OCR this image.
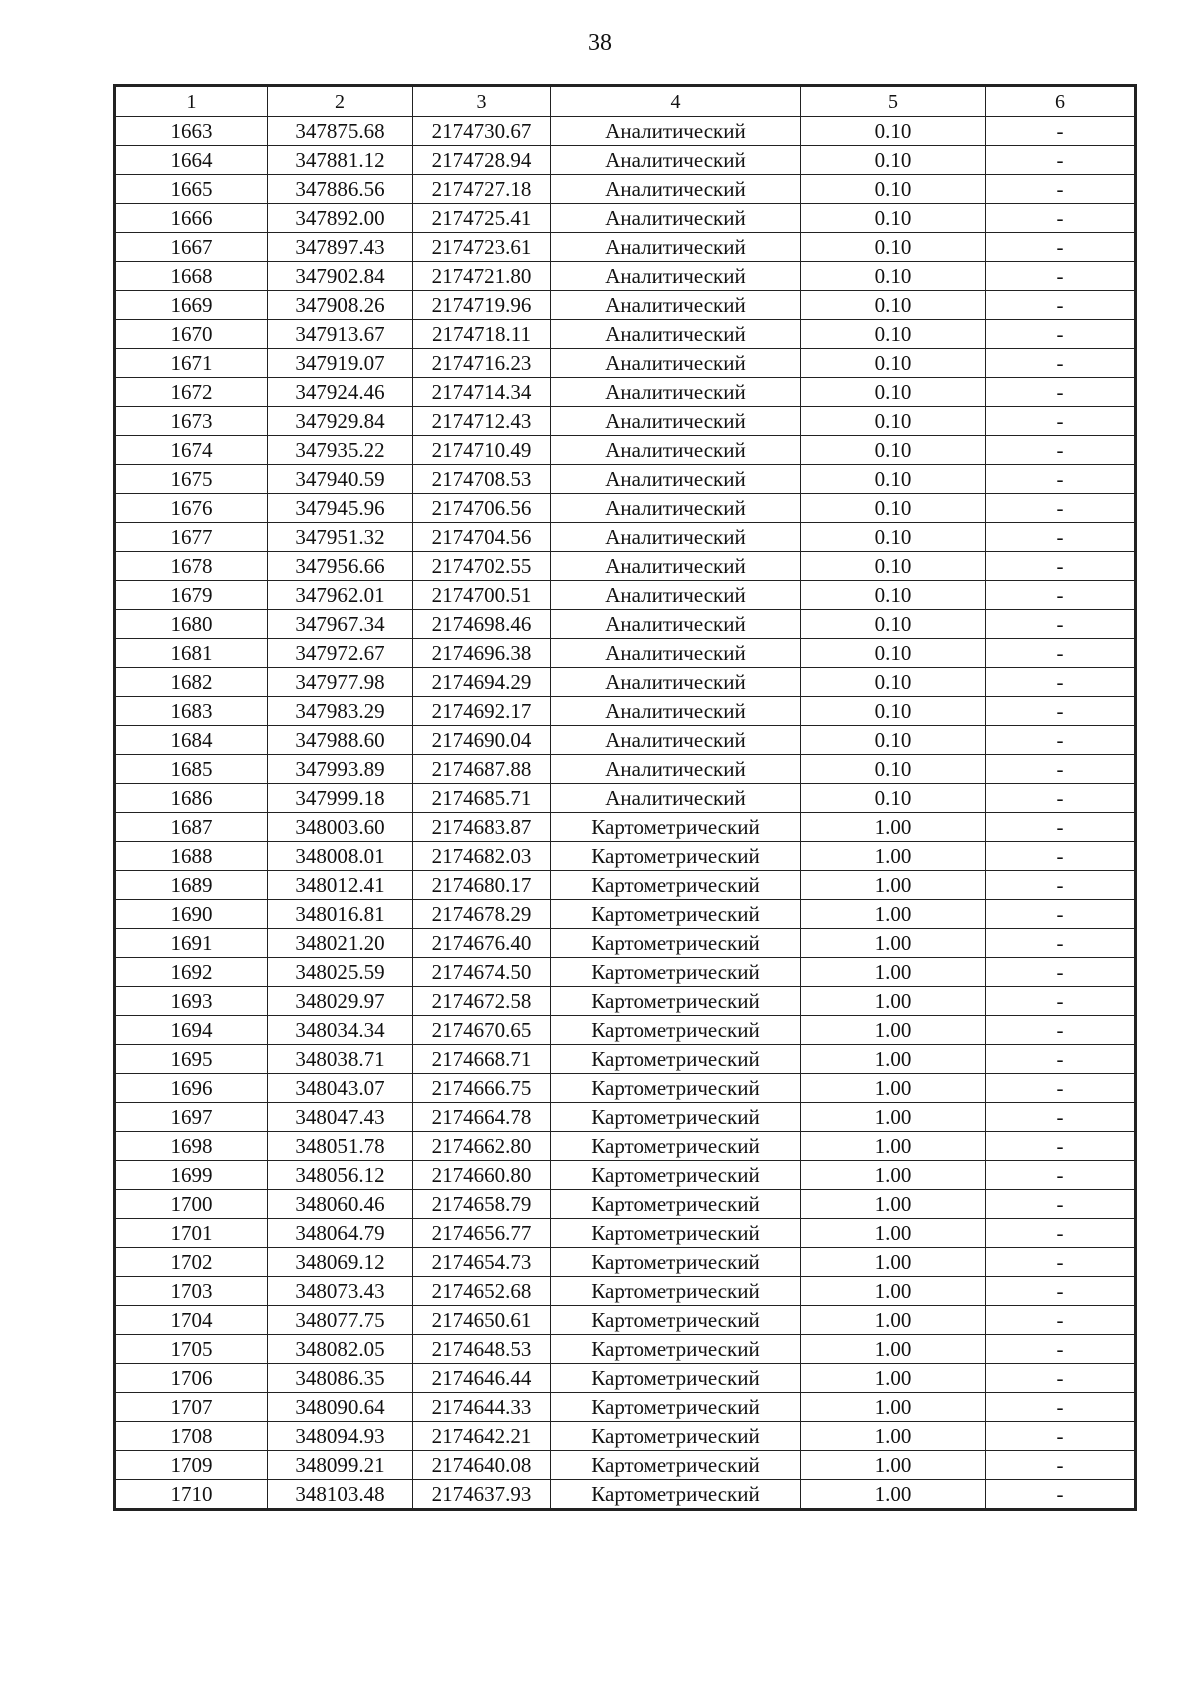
38
1	2	3	4	5	6
1663	347875.68	2174730.67	Аналитический	0.10	-
1664	347881.12	2174728.94	Аналитический	0.10	-
1665	347886.56	2174727.18	Аналитический	0.10	-
1666	347892.00	2174725.41	Аналитический	0.10	-
1667	347897.43	2174723.61	Аналитический	0.10	-
1668	347902.84	2174721.80	Аналитический	0.10	-
1669	347908.26	2174719.96	Аналитический	0.10	-
1670	347913.67	2174718.11	Аналитический	0.10	-
1671	347919.07	2174716.23	Аналитический	0.10	-
1672	347924.46	2174714.34	Аналитический	0.10	-
1673	347929.84	2174712.43	Аналитический	0.10	-
1674	347935.22	2174710.49	Аналитический	0.10	-
1675	347940.59	2174708.53	Аналитический	0.10	-
1676	347945.96	2174706.56	Аналитический	0.10	-
1677	347951.32	2174704.56	Аналитический	0.10	-
1678	347956.66	2174702.55	Аналитический	0.10	-
1679	347962.01	2174700.51	Аналитический	0.10	-
1680	347967.34	2174698.46	Аналитический	0.10	-
1681	347972.67	2174696.38	Аналитический	0.10	-
1682	347977.98	2174694.29	Аналитический	0.10	-
1683	347983.29	2174692.17	Аналитический	0.10	-
1684	347988.60	2174690.04	Аналитический	0.10	-
1685	347993.89	2174687.88	Аналитический	0.10	-
1686	347999.18	2174685.71	Аналитический	0.10	-
1687	348003.60	2174683.87	Картометрический	1.00	-
1688	348008.01	2174682.03	Картометрический	1.00	-
1689	348012.41	2174680.17	Картометрический	1.00	-
1690	348016.81	2174678.29	Картометрический	1.00	-
1691	348021.20	2174676.40	Картометрический	1.00	-
1692	348025.59	2174674.50	Картометрический	1.00	-
1693	348029.97	2174672.58	Картометрический	1.00	-
1694	348034.34	2174670.65	Картометрический	1.00	-
1695	348038.71	2174668.71	Картометрический	1.00	-
1696	348043.07	2174666.75	Картометрический	1.00	-
1697	348047.43	2174664.78	Картометрический	1.00	-
1698	348051.78	2174662.80	Картометрический	1.00	-
1699	348056.12	2174660.80	Картометрический	1.00	-
1700	348060.46	2174658.79	Картометрический	1.00	-
1701	348064.79	2174656.77	Картометрический	1.00	-
1702	348069.12	2174654.73	Картометрический	1.00	-
1703	348073.43	2174652.68	Картометрический	1.00	-
1704	348077.75	2174650.61	Картометрический	1.00	-
1705	348082.05	2174648.53	Картометрический	1.00	-
1706	348086.35	2174646.44	Картометрический	1.00	-
1707	348090.64	2174644.33	Картометрический	1.00	-
1708	348094.93	2174642.21	Картометрический	1.00	-
1709	348099.21	2174640.08	Картометрический	1.00	-
1710	348103.48	2174637.93	Картометрический	1.00	-
